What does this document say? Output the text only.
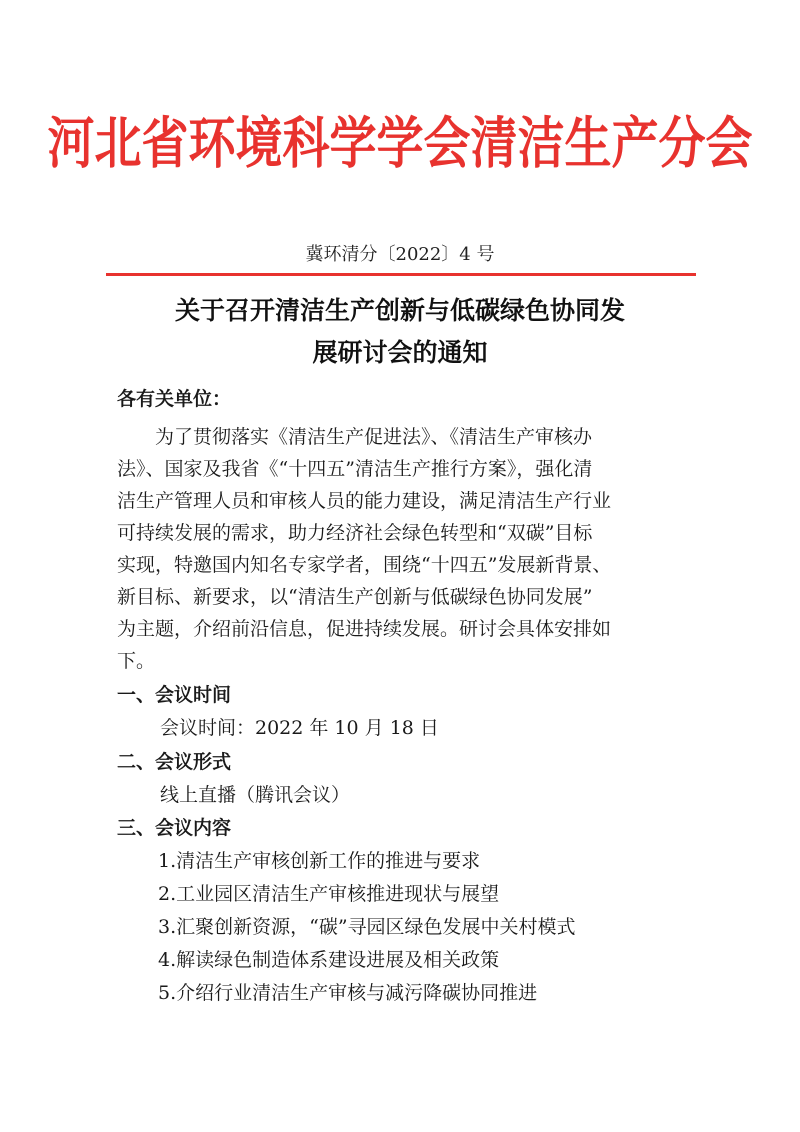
河北省环境科学学会清洁生产分会
冀环清分〔2022〕4 号
关于召开清洁生产创新与低碳绿色协同发
展研讨会的通知
各有关单位：
为了贯彻落实《清洁生产促进法》、《清洁生产审核办
法》、国家及我省《“十四五”清洁生产推行方案》，强化清
洁生产管理人员和审核人员的能力建设，满足清洁生产行业
可持续发展的需求，助力经济社会绿色转型和“双碳”目标
实现，特邀国内知名专家学者，围绕“十四五”发展新背景、
新目标、新要求，以“清洁生产创新与低碳绿色协同发展”
为主题，介绍前沿信息，促进持续发展。研讨会具体安排如
下。
一、会议时间
会议时间：2022 年 10 月 18 日
二、会议形式
线上直播（腾讯会议）
三、会议内容
1.清洁生产审核创新工作的推进与要求
2.工业园区清洁生产审核推进现状与展望
3.汇聚创新资源，“碳”寻园区绿色发展中关村模式
4.解读绿色制造体系建设进展及相关政策
5.介绍行业清洁生产审核与减污降碳协同推进
